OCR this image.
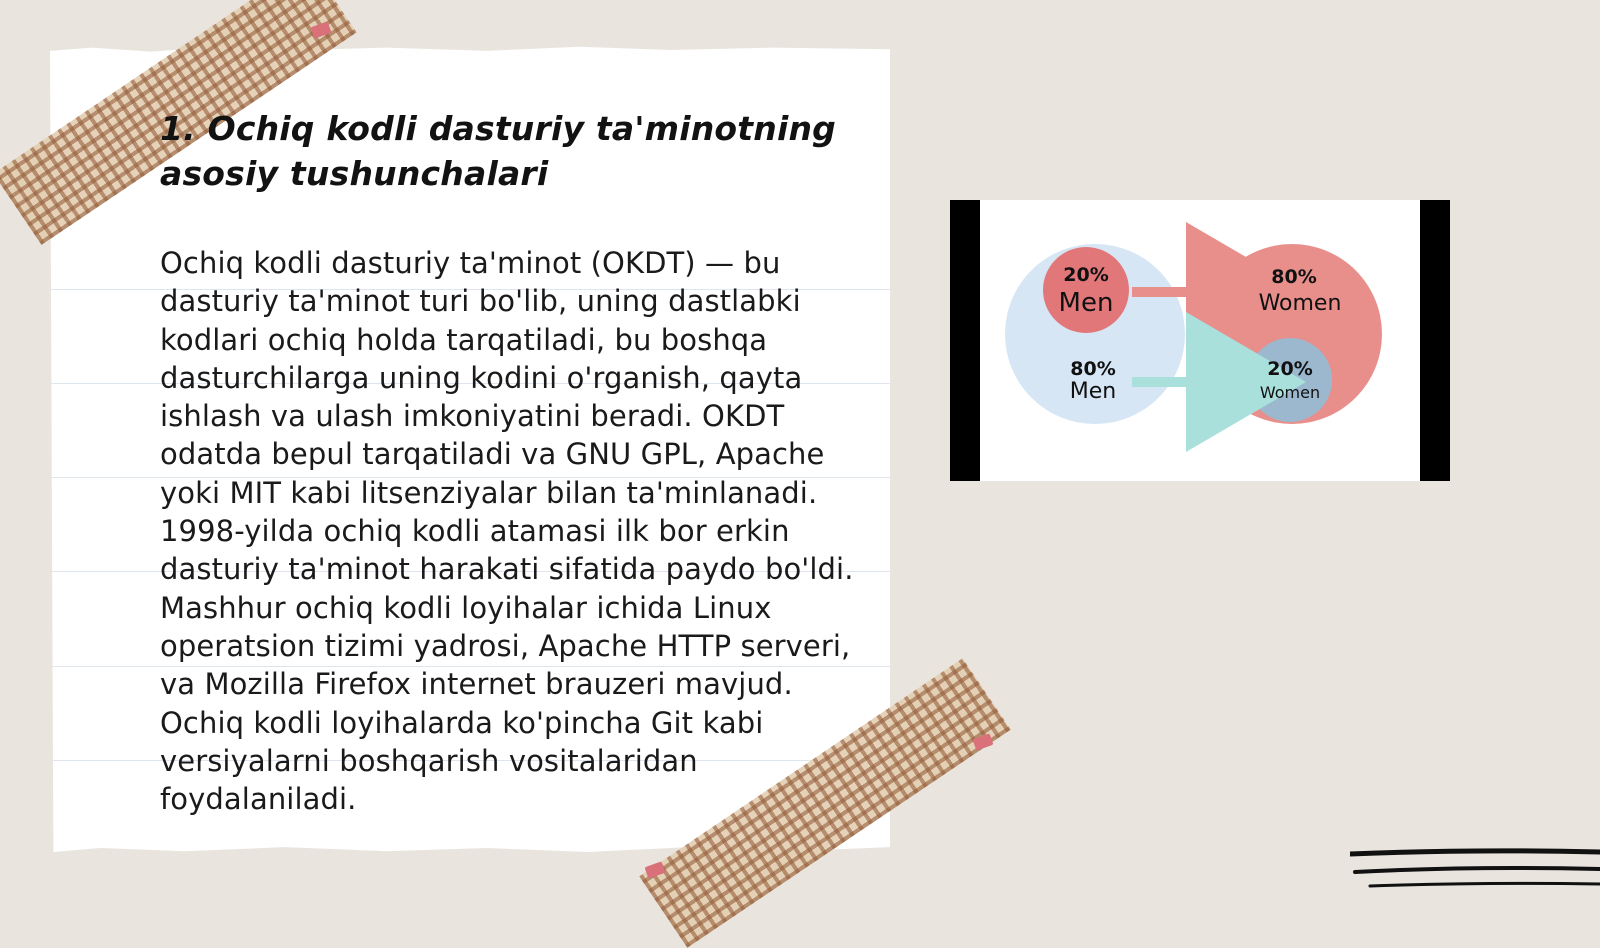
1. Ochiq kodli dasturiy ta'minotning asosiy tushunchalari

Ochiq kodli dasturiy ta'minot (OKDT) — bu dasturiy ta'minot turi bo'lib, uning dastlabki kodlari ochiq holda tarqatiladi, bu boshqa dasturchilarga uning kodini o'rganish, qayta ishlash va ulash imkoniyatini beradi. OKDT odatda bepul tarqatiladi va GNU GPL, Apache yoki MIT kabi litsenziyalar bilan ta'minlanadi. 1998-yilda ochiq kodli atamasi ilk bor erkin dasturiy ta'minot harakati sifatida paydo bo'ldi. Mashhur ochiq kodli loyihalar ichida Linux operatsion tizimi yadrosi, Apache HTTP serveri, va Mozilla Firefox internet brauzeri mavjud. Ochiq kodli loyihalarda ko'pincha Git kabi versiyalarni boshqarish vositalaridan foydalaniladi.

20%
Men
80%
Men
80%
Women
20%
Women
